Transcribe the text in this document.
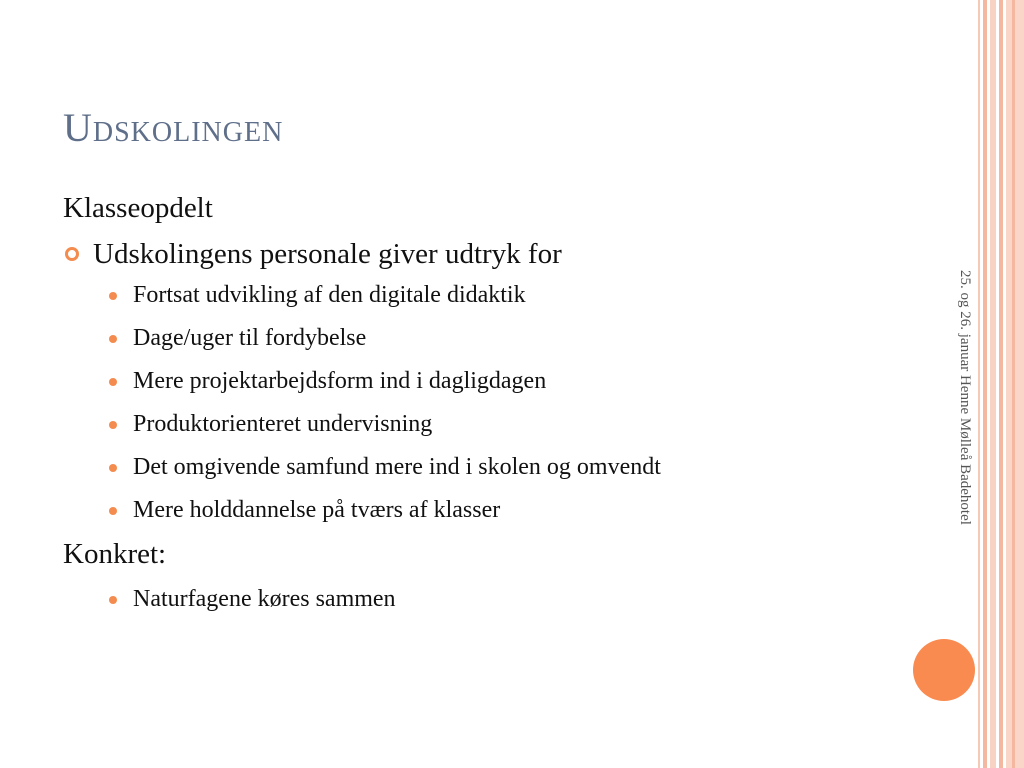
Udskolingen

Klasseopdelt

Udskolingens personale giver udtryk for
Fortsat udvikling af den digitale didaktik
Dage/uger til fordybelse
Mere projektarbejdsform ind i dagligdagen
Produktorienteret undervisning
Det omgivende samfund mere ind i skolen og omvendt
Mere holddannelse på tværs af klasser

Konkret:

Naturfagene køres sammen
25. og 26. januar Henne Mølleå Badehotel
